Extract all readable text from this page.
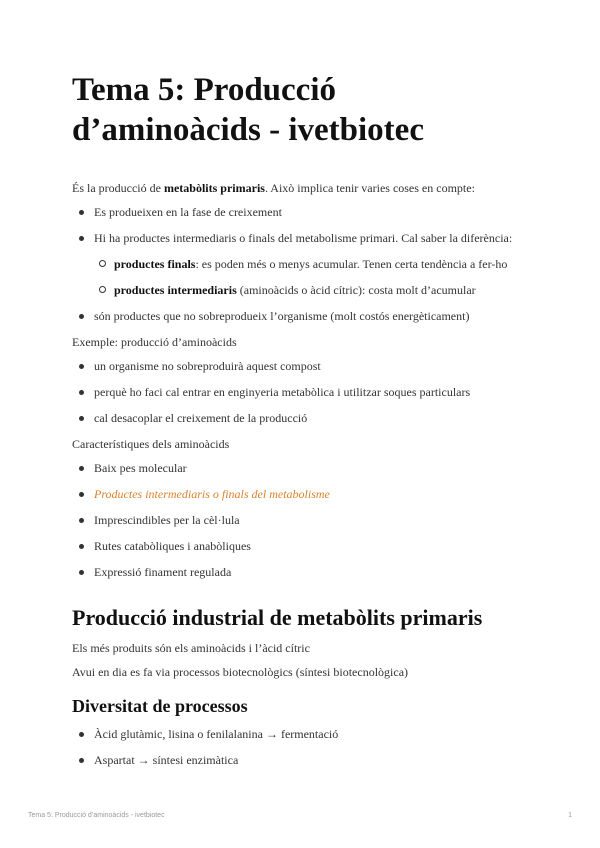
Tema 5: Producció d’aminoàcids - ivetbiotec

És la producció de metabòlits primaris. Això implica tenir varies coses en compte:

Es produeixen en la fase de creixement
Hi ha productes intermediaris o finals del metabolisme primari. Cal saber la diferència:
productes finals: es poden més o menys acumular. Tenen certa tendència a fer-ho
productes intermediaris (aminoàcids o àcid cítric): costa molt d’acumular
són productes que no sobreprodueix l’organisme (molt costós energèticament)

Exemple: producció d’aminoàcids

un organisme no sobreproduirà aquest compost
perquè ho faci cal entrar en enginyeria metabòlica i utilitzar soques particulars
cal desacoplar el creixement de la producció

Característiques dels aminoàcids

Baix pes molecular
Productes intermediaris o finals del metabolisme
Imprescindibles per la cèl·lula
Rutes catabòliques i anabòliques
Expressió finament regulada
Producció industrial de metabòlits primaris

Els més produits són els aminoàcids i l’àcid cítric

Avui en dia es fa via processos biotecnològics (síntesi biotecnològica)

Diversitat de processos
Àcid glutàmic, lisina o fenilalanina → fermentació
Aspartat → síntesi enzimàtica
Tema 5: Producció d’aminoàcids - ivetbiotec	1
